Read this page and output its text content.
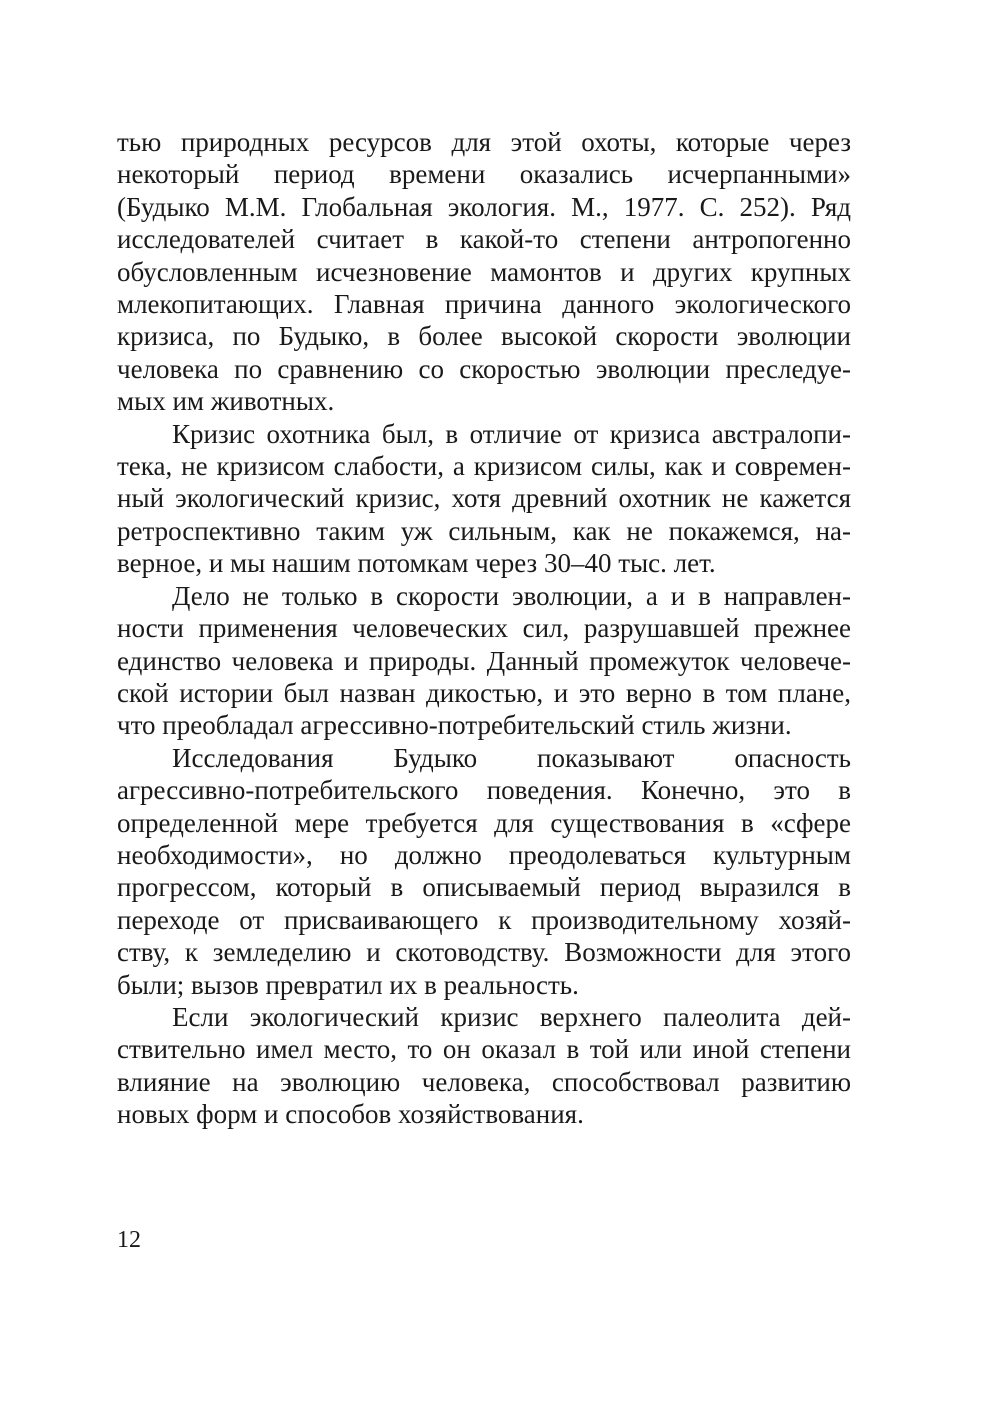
тью природных ресурсов для этой охоты, которые через
некоторый период времени оказались исчерпанными»
(Будыко М.М. Глобальная экология. М., 1977. С. 252). Ряд
исследователей считает в какой-то степени антропогенно
обусловленным исчезновение мамонтов и других крупных
млекопитающих. Главная причина данного экологического
кризиса, по Будыко, в более высокой скорости эволюции
человека по сравнению со скоростью эволюции преследуе-
мых им животных.

Кризис охотника был, в отличие от кризиса австралопи-
тека, не кризисом слабости, а кризисом силы, как и современ-
ный экологический кризис, хотя древний охотник не кажется
ретроспективно таким уж сильным, как не покажемся, на-
верное, и мы нашим потомкам через 30–40 тыс. лет.

Дело не только в скорости эволюции, а и в направлен-
ности применения человеческих сил, разрушавшей прежнее
единство человека и природы. Данный промежуток человече-
ской истории был назван дикостью, и это верно в том плане,
что преобладал агрессивно-потребительский стиль жизни.

Исследования Будыко показывают опасность
агрессивно-потребительского поведения. Конечно, это в
определенной мере требуется для существования в «сфере
необходимости», но должно преодолеваться культурным
прогрессом, который в описываемый период выразился в
переходе от присваивающего к производительному хозяй-
ству, к земледелию и скотоводству. Возможности для этого
были; вызов превратил их в реальность.

Если экологический кризис верхнего палеолита дей-
ствительно имел место, то он оказал в той или иной степени
влияние на эволюцию человека, способствовал развитию
новых форм и способов хозяйствования.

12
